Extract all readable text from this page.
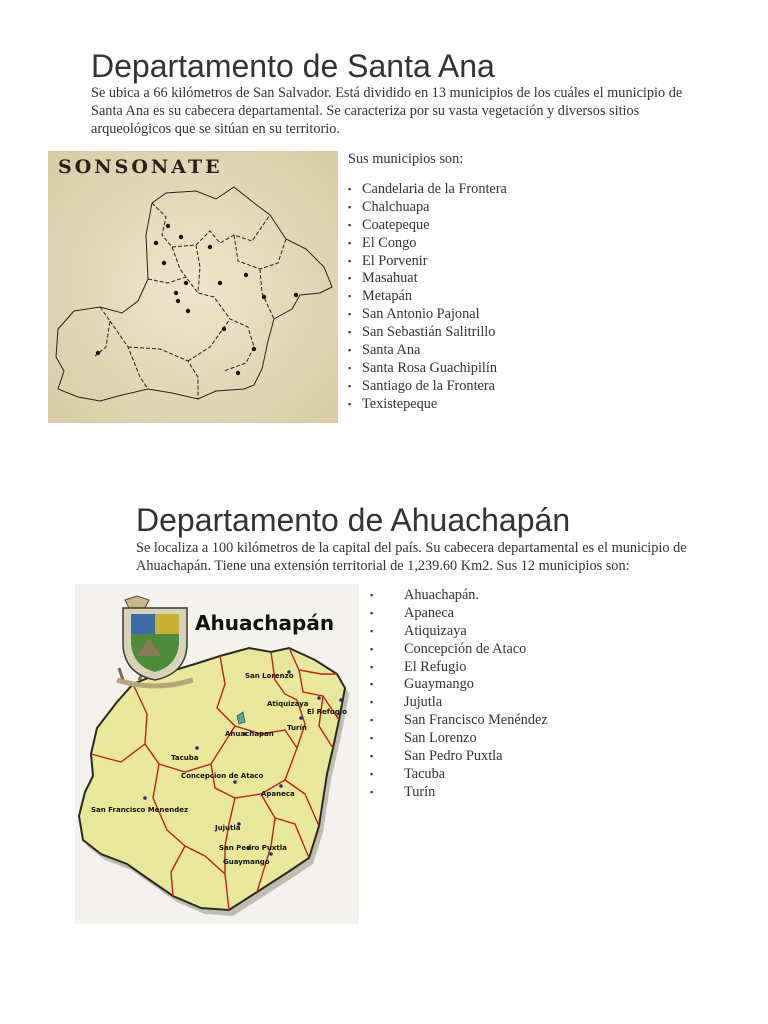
Departamento de Santa Ana

Se ubica a 66 kilómetros de San Salvador. Está dividido en 13 municipios de los cuáles el municipio de Santa Ana es su cabecera departamental. Se caracteriza por su vasta vegetación y diversos sitios arqueológicos que se sitúan en su territorio.

SONSONATE	Sus municipios son:
▪ Candelaria de la Frontera
▪ Chalchuapa
▪ Coatepeque
▪ El Congo
▪ El Porvenir
▪ Masahuat
▪ Metapán
▪ San Antonio Pajonal
▪ San Sebastián Salitrillo
▪ Santa Ana
▪ Santa Rosa Guachipilín
▪ Santiago de la Frontera
▪ Texistepeque
Departamento de Ahuachapán

Se localiza a 100 kilómetros de la capital del país. Su cabecera departamental es el municipio de Ahuachapán. Tiene una extensión territorial de 1,239.60 Km2. Sus 12 municipios son:

Ahuachapán
San Lorenzo
Atiquizaya
El Refugio
Turín
Ahuachapan
Tacuba
Concepcion de Ataco
Apaneca
San Francisco Menendez
Jujutla
San Pedro Puxtla
Guaymango
▪ Ahuachapán.
▪ Apaneca
▪ Atiquizaya
▪ Concepción de Ataco
▪ El Refugio
▪ Guaymango
▪ Jujutla
▪ San Francisco Menéndez
▪ San Lorenzo
▪ San Pedro Puxtla
▪ Tacuba
▪ Turín
